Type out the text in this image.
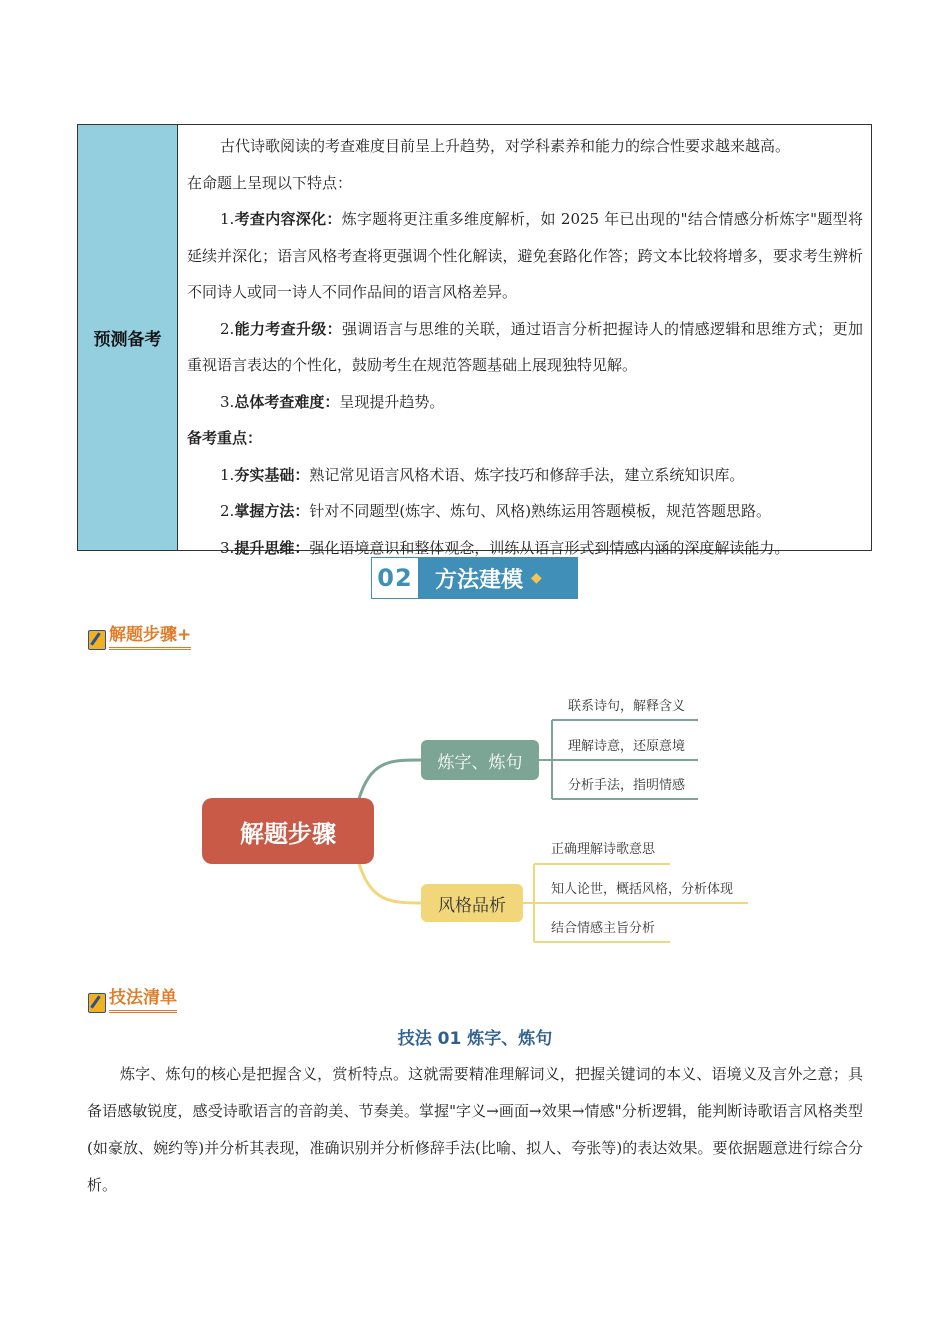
预测备考

古代诗歌阅读的考查难度目前呈上升趋势，对学科素养和能力的综合性要求越来越高。

在命题上呈现以下特点：

1.考查内容深化：炼字题将更注重多维度解析，如 2025 年已出现的"结合情感分析炼字"题型将延续并深化；语言风格考查将更强调个性化解读，避免套路化作答；跨文本比较将增多，要求考生辨析不同诗人或同一诗人不同作品间的语言风格差异。

2.能力考查升级：强调语言与思维的关联，通过语言分析把握诗人的情感逻辑和思维方式；更加重视语言表达的个性化，鼓励考生在规范答题基础上展现独特见解。

3.总体考查难度：呈现提升趋势。

备考重点：

1.夯实基础：熟记常见语言风格术语、炼字技巧和修辞手法，建立系统知识库。

2.掌握方法：针对不同题型(炼字、炼句、风格)熟练运用答题模板，规范答题思路。

3.提升思维：强化语境意识和整体观念，训练从语言形式到情感内涵的深度解读能力。

02 方法建模 ◆
解题步骤+
解题步骤
炼字、炼句
风格品析
联系诗句，解释含义
理解诗意，还原意境
分析手法，指明情感
正确理解诗歌意思
知人论世，概括风格，分析体现
结合情感主旨分析
技法清单
技法 01 炼字、炼句

炼字、炼句的核心是把握含义，赏析特点。这就需要精准理解词义，把握关键词的本义、语境义及言外之意；具备语感敏锐度，感受诗歌语言的音韵美、节奏美。掌握"字义→画面→效果→情感"分析逻辑，能判断诗歌语言风格类型(如豪放、婉约等)并分析其表现，准确识别并分析修辞手法(比喻、拟人、夸张等)的表达效果。要依据题意进行综合分析。
